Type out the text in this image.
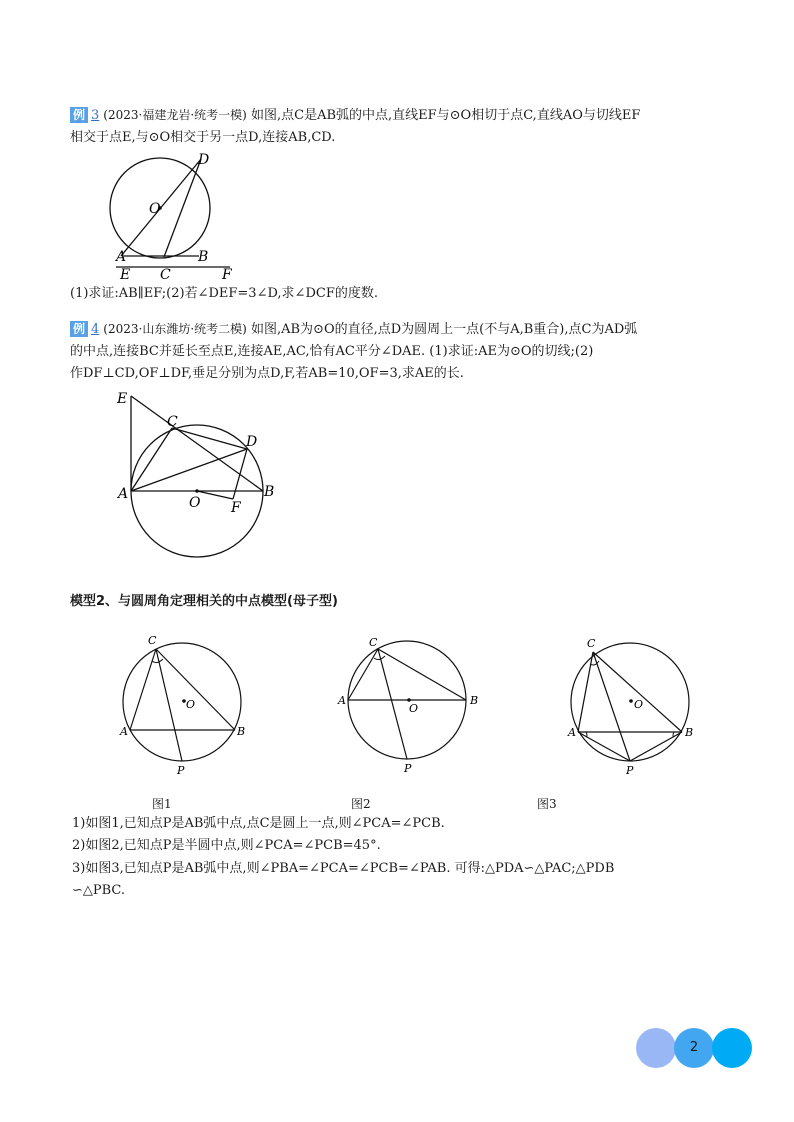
例 3 (2023·福建龙岩·统考一模) 如图,点C是AB弧的中点,直线EF与⊙O相切于点C,直线AO与切线EF
相交于点E,与⊙O相交于另一点D,连接AB,CD.
D
O
A	B
E C	F
(1)求证:AB∥EF;(2)若∠DEF=3∠D,求∠DCF的度数.
例 4 (2023·山东潍坊·统考二模) 如图,AB为⊙O的直径,点D为圆周上一点(不与A,B重合),点C为AD弧
的中点,连接BC并延长至点E,连接AE,AC,恰有AC平分∠DAE. (1)求证:AE为⊙O的切线;(2)
作DF⊥CD,OF⊥DF,垂足分别为点D,F,若AB=10,OF=3,求AE的长.
E
C
D
A
O F
B
模型2、与圆周角定理相关的中点模型(母子型)
C
O
A	B
P
C
O
A	B
P
C
O
A	B
P
图1	图2	图3
1)如图1,已知点P是AB弧中点,点C是圆上一点,则∠PCA=∠PCB.
2)如图2,已知点P是半圆中点,则∠PCA=∠PCB=45°.
3)如图3,已知点P是AB弧中点,则∠PBA=∠PCA=∠PCB=∠PAB. 可得:△PDA∽△PAC;△PDB
∽△PBC.
2
